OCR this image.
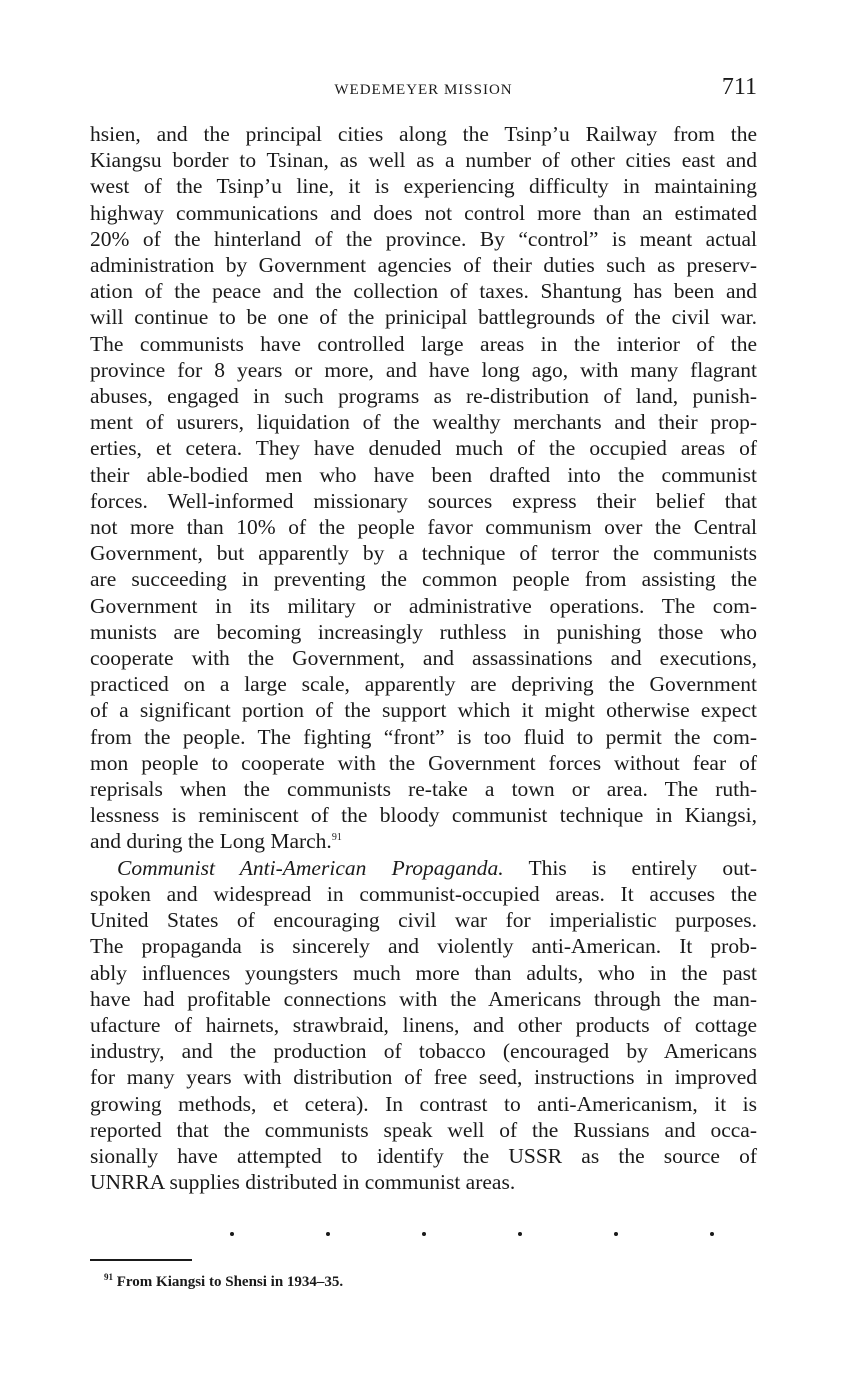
WEDEMEYER MISSION	711
hsien, and the principal cities along the Tsinp’u Railway from the
Kiangsu border to Tsinan, as well as a number of other cities east and
west of the Tsinp’u line, it is experiencing difficulty in maintaining
highway communications and does not control more than an estimated
20% of the hinterland of the province. By “control” is meant actual
administration by Government agencies of their duties such as preserv-
ation of the peace and the collection of taxes. Shantung has been and
will continue to be one of the prinicipal battlegrounds of the civil war.
The communists have controlled large areas in the interior of the
province for 8 years or more, and have long ago, with many flagrant
abuses, engaged in such programs as re-distribution of land, punish-
ment of usurers, liquidation of the wealthy merchants and their prop-
erties, et cetera. They have denuded much of the occupied areas of
their able-bodied men who have been drafted into the communist
forces. Well-informed missionary sources express their belief that
not more than 10% of the people favor communism over the Central
Government, but apparently by a technique of terror the communists
are succeeding in preventing the common people from assisting the
Government in its military or administrative operations. The com-
munists are becoming increasingly ruthless in punishing those who
cooperate with the Government, and assassinations and executions,
practiced on a large scale, apparently are depriving the Government
of a significant portion of the support which it might otherwise expect
from the people. The fighting “front” is too fluid to permit the com-
mon people to cooperate with the Government forces without fear of
reprisals when the communists re-take a town or area. The ruth-
lessness is reminiscent of the bloody communist technique in Kiangsi,
and during the Long March.$^{91}$
Communist Anti-American Propaganda. This is entirely out-
spoken and widespread in communist-occupied areas. It accuses the
United States of encouraging civil war for imperialistic purposes.
The propaganda is sincerely and violently anti-American. It prob-
ably influences youngsters much more than adults, who in the past
have had profitable connections with the Americans through the man-
ufacture of hairnets, strawbraid, linens, and other products of cottage
industry, and the production of tobacco (encouraged by Americans
for many years with distribution of free seed, instructions in improved
growing methods, et cetera). In contrast to anti-Americanism, it is
reported that the communists speak well of the Russians and occa-
sionally have attempted to identify the USSR as the source of
UNRRA supplies distributed in communist areas.
$^{91}$ From Kiangsi to Shensi in 1934–35.
